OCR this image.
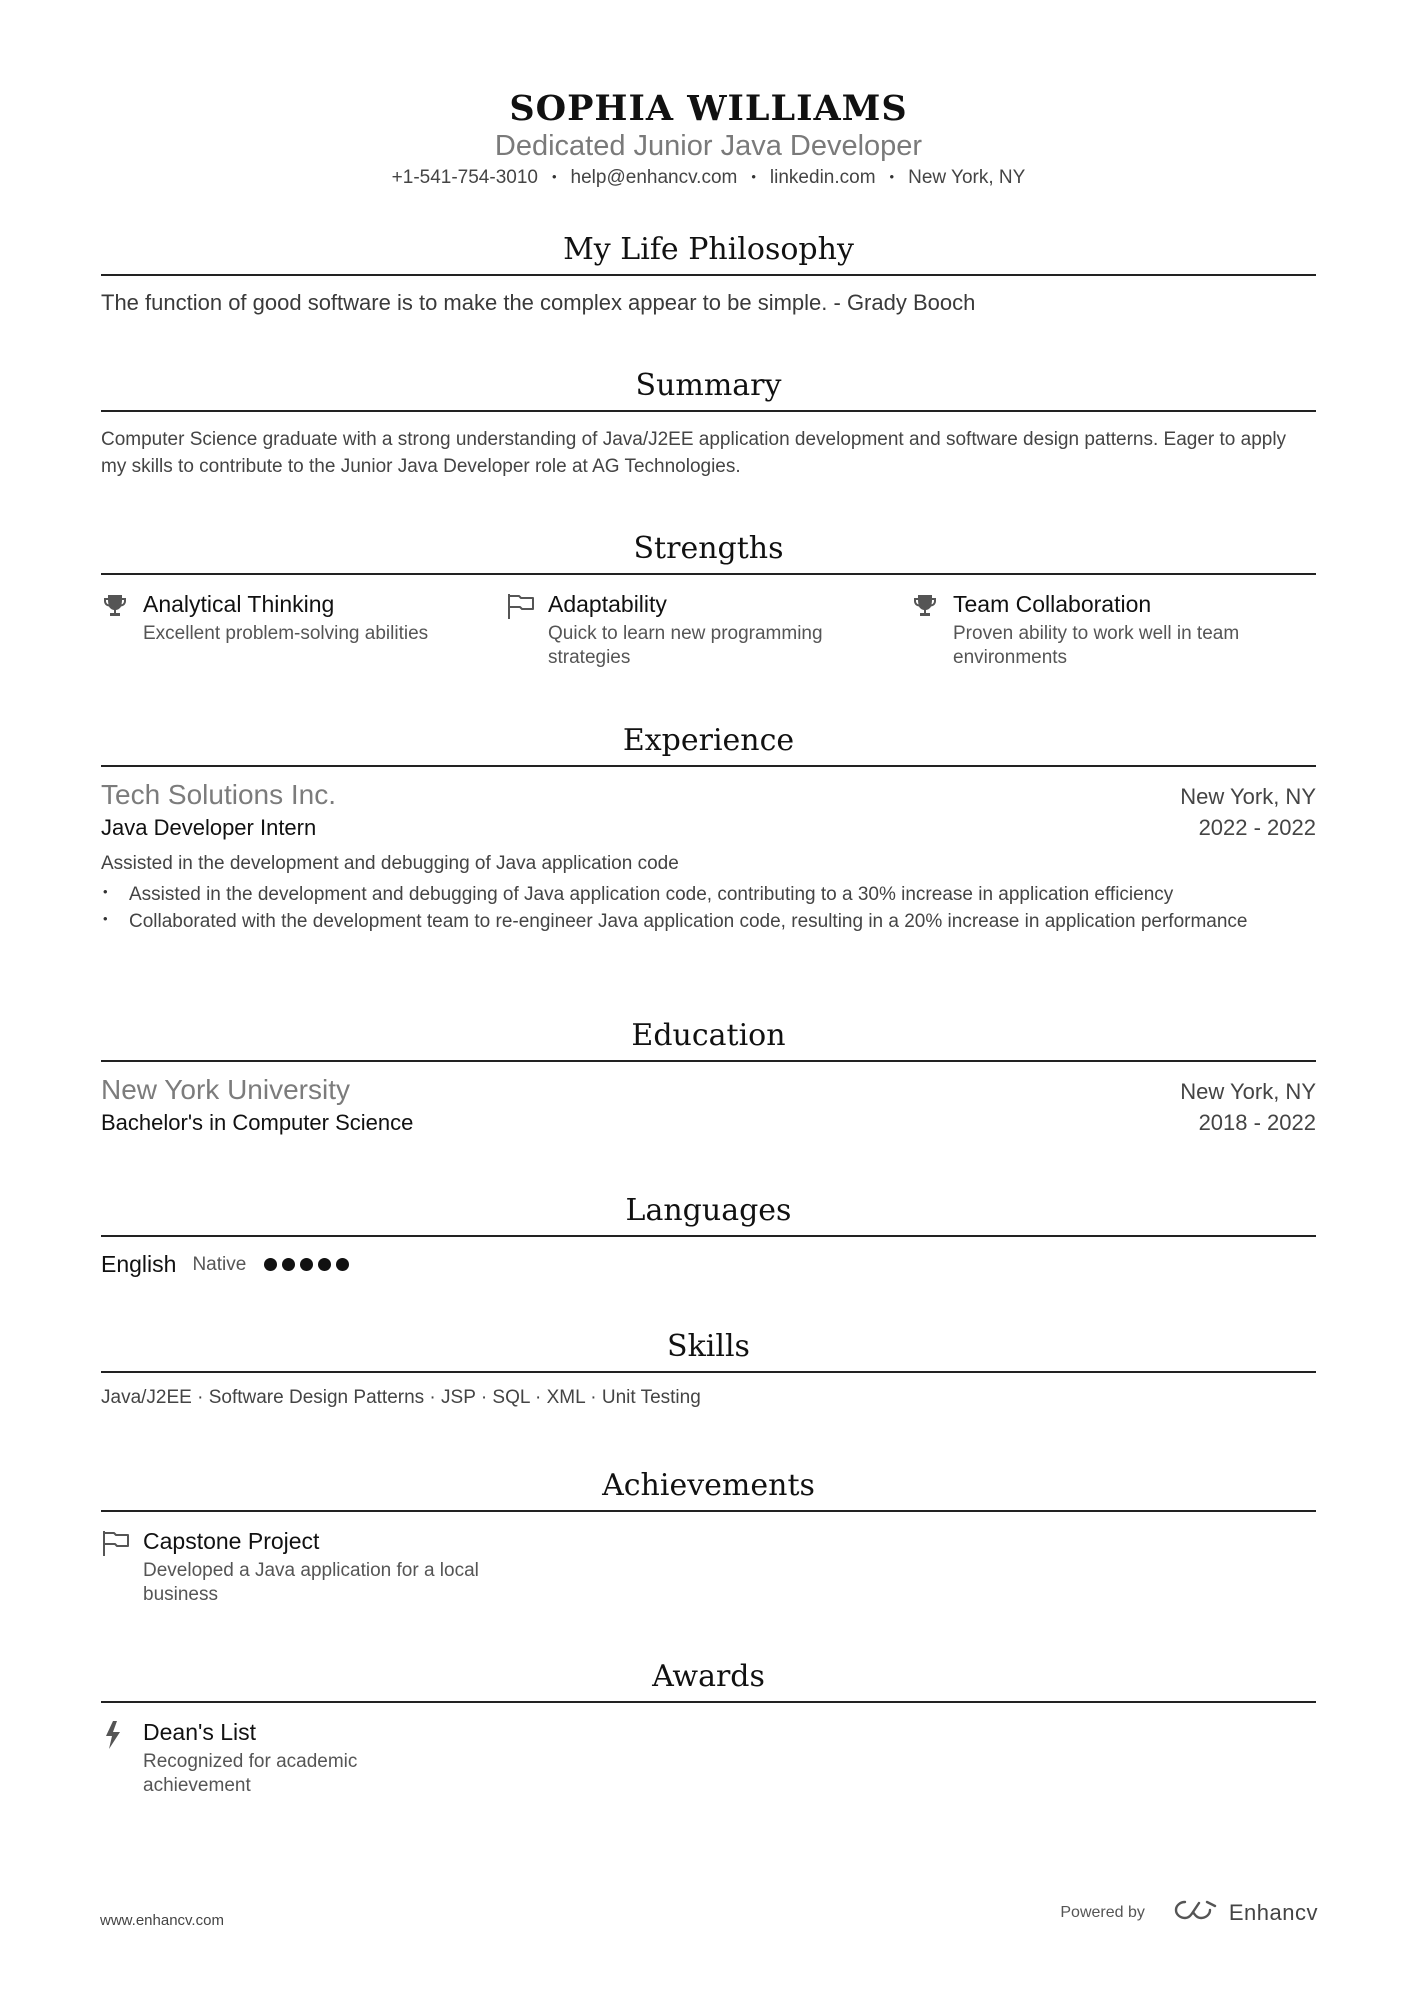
SOPHIA WILLIAMS
Dedicated Junior Java Developer
+1-541-754-3010 • help@enhancv.com • linkedin.com • New York, NY
My Life Philosophy
The function of good software is to make the complex appear to be simple. - Grady Booch
Summary
Computer Science graduate with a strong understanding of Java/J2EE application development and software design patterns. Eager to apply my skills to contribute to the Junior Java Developer role at AG Technologies.
Strengths
Analytical Thinking
Excellent problem-solving abilities
Adaptability
Quick to learn new programming strategies
Team Collaboration
Proven ability to work well in team environments
Experience
Tech Solutions Inc.	New York, NY
Java Developer Intern	2022 - 2022
Assisted in the development and debugging of Java application code
• Assisted in the development and debugging of Java application code, contributing to a 30% increase in application efficiency
• Collaborated with the development team to re-engineer Java application code, resulting in a 20% increase in application performance
Education
New York University	New York, NY
Bachelor's in Computer Science	2018 - 2022
Languages
English Native
Skills
Java/J2EE · Software Design Patterns · JSP · SQL · XML · Unit Testing
Achievements
Capstone Project
Developed a Java application for a local business
Awards
Dean's List
Recognized for academic achievement
www.enhancv.com	Powered by	Enhancv
